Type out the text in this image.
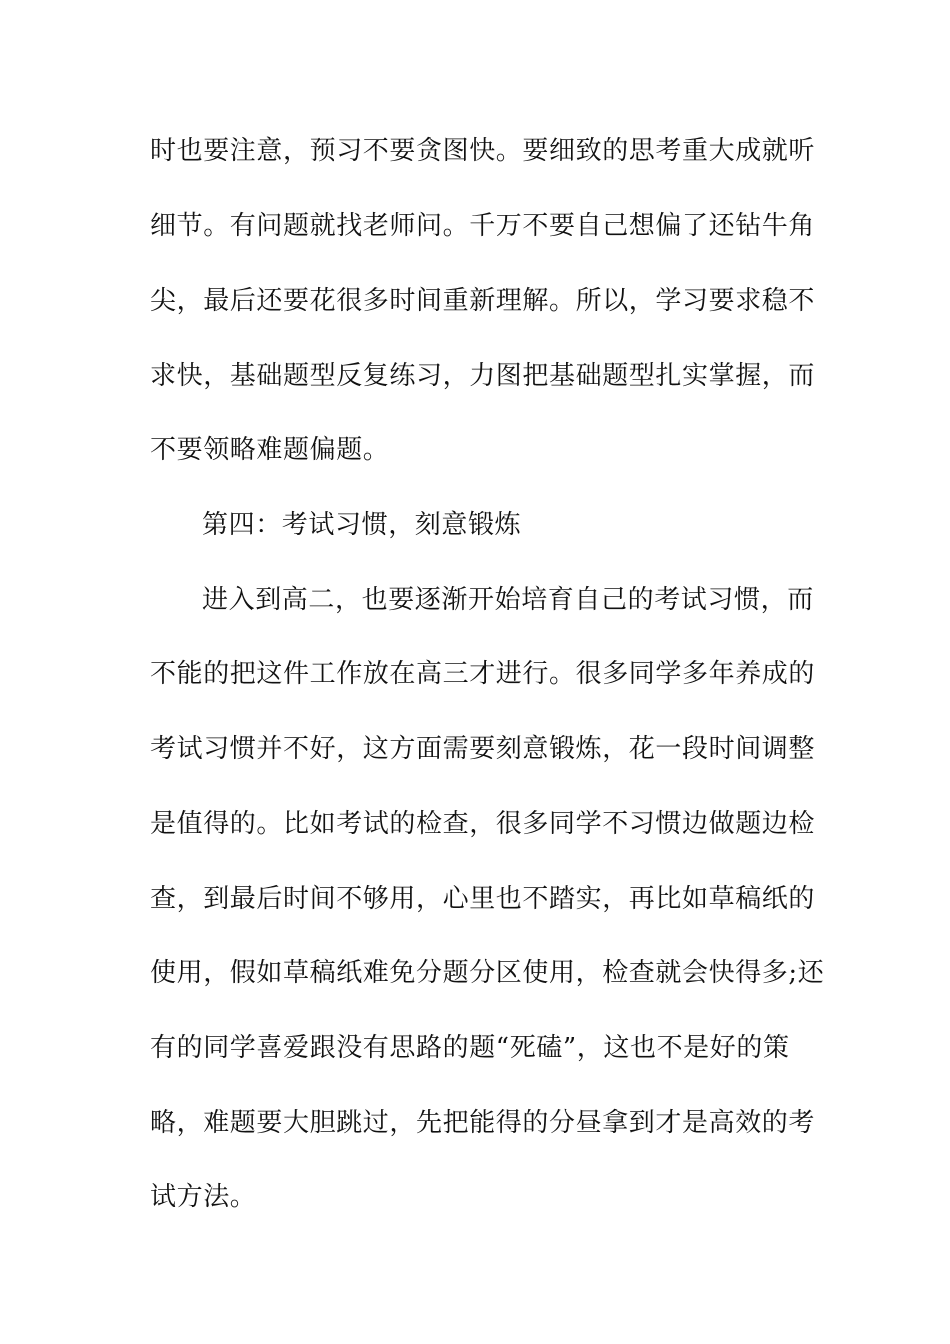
时也要注意，预习不要贪图快。要细致的思考重大成就听
细节。有问题就找老师问。千万不要自己想偏了还钻牛角
尖，最后还要花很多时间重新理解。所以，学习要求稳不
求快，基础题型反复练习，力图把基础题型扎实掌握，而
不要领略难题偏题。
第四：考试习惯，刻意锻炼
进入到高二，也要逐渐开始培育自己的考试习惯，而
不能的把这件工作放在高三才进行。很多同学多年养成的
考试习惯并不好，这方面需要刻意锻炼，花一段时间调整
是值得的。比如考试的检查，很多同学不习惯边做题边检
查，到最后时间不够用，心里也不踏实，再比如草稿纸的
使用，假如草稿纸难免分题分区使用，检查就会快得多;还
有的同学喜爱跟没有思路的题“死磕”，这也不是好的策
略，难题要大胆跳过，先把能得的分昼拿到才是高效的考
试方法。
